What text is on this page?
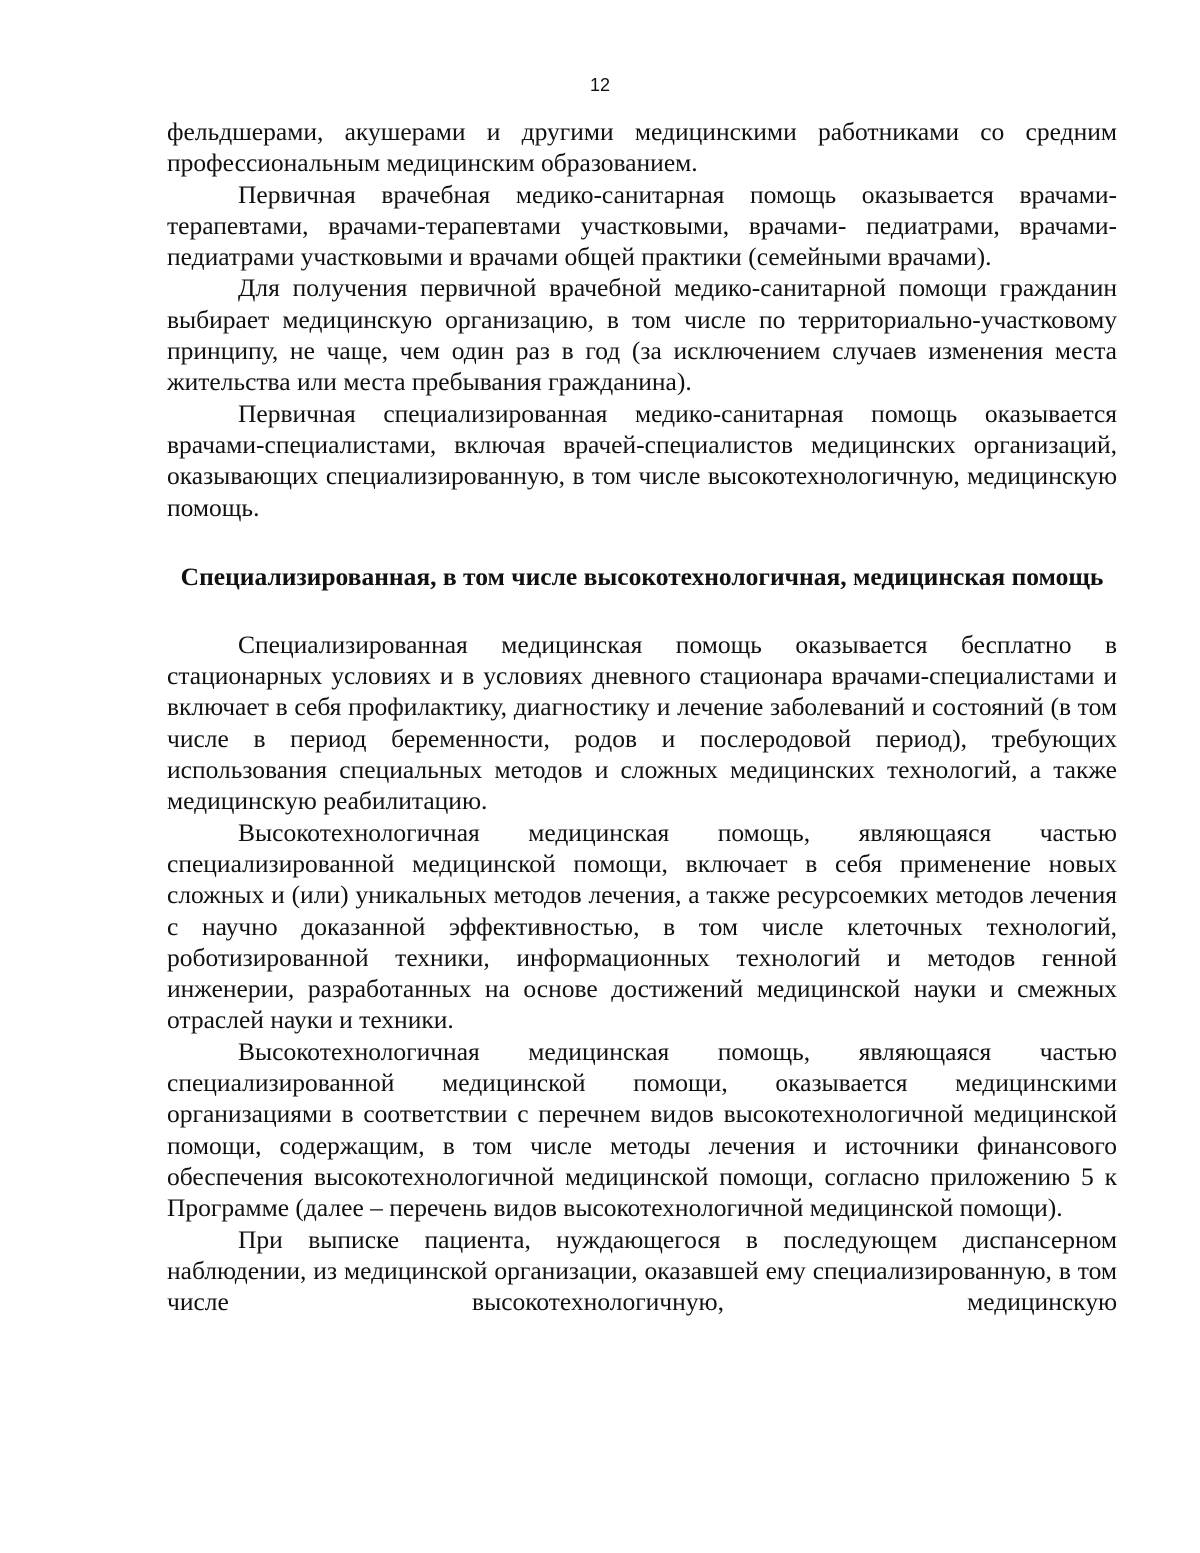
12

фельдшерами, акушерами и другими медицинскими работниками со средним профессиональным медицинским образованием.

Первичная врачебная медико-санитарная помощь оказывается врачами-терапевтами, врачами-терапевтами участковыми, врачами- педиатрами, врачами- педиатрами участковыми и врачами общей практики (семейными врачами).

Для получения первичной врачебной медико-санитарной помощи гражданин выбирает медицинскую организацию, в том числе по территориально-участковому принципу, не чаще, чем один раз в год (за исключением случаев изменения места жительства или места пребывания гражданина).

Первичная специализированная медико-санитарная помощь оказывается врачами-специалистами, включая врачей-специалистов медицинских организаций, оказывающих специализированную, в том числе высокотехнологичную, медицинскую помощь.

Специализированная, в том числе высокотехнологичная, медицинская помощь

Специализированная медицинская помощь оказывается бесплатно в стационарных условиях и в условиях дневного стационара врачами-специалистами и включает в себя профилактику, диагностику и лечение заболеваний и состояний (в том числе в период беременности, родов и послеродовой период), требующих использования специальных методов и сложных медицинских технологий, а также медицинскую реабилитацию.

Высокотехнологичная медицинская помощь, являющаяся частью специализированной медицинской помощи, включает в себя применение новых сложных и (или) уникальных методов лечения, а также ресурсоемких методов лечения с научно доказанной эффективностью, в том числе клеточных технологий, роботизированной техники, информационных технологий и методов генной инженерии, разработанных на основе достижений медицинской науки и смежных отраслей науки и техники.

Высокотехнологичная медицинская помощь, являющаяся частью специализированной медицинской помощи, оказывается медицинскими организациями в соответствии с перечнем видов высокотехнологичной медицинской помощи, содержащим, в том числе методы лечения и источники финансового обеспечения высокотехнологичной медицинской помощи, согласно приложению 5 к Программе (далее – перечень видов высокотехнологичной медицинской помощи).

При выписке пациента, нуждающегося в последующем диспансерном наблюдении, из медицинской организации, оказавшей ему специализированную, в том числе высокотехнологичную, медицинскую
